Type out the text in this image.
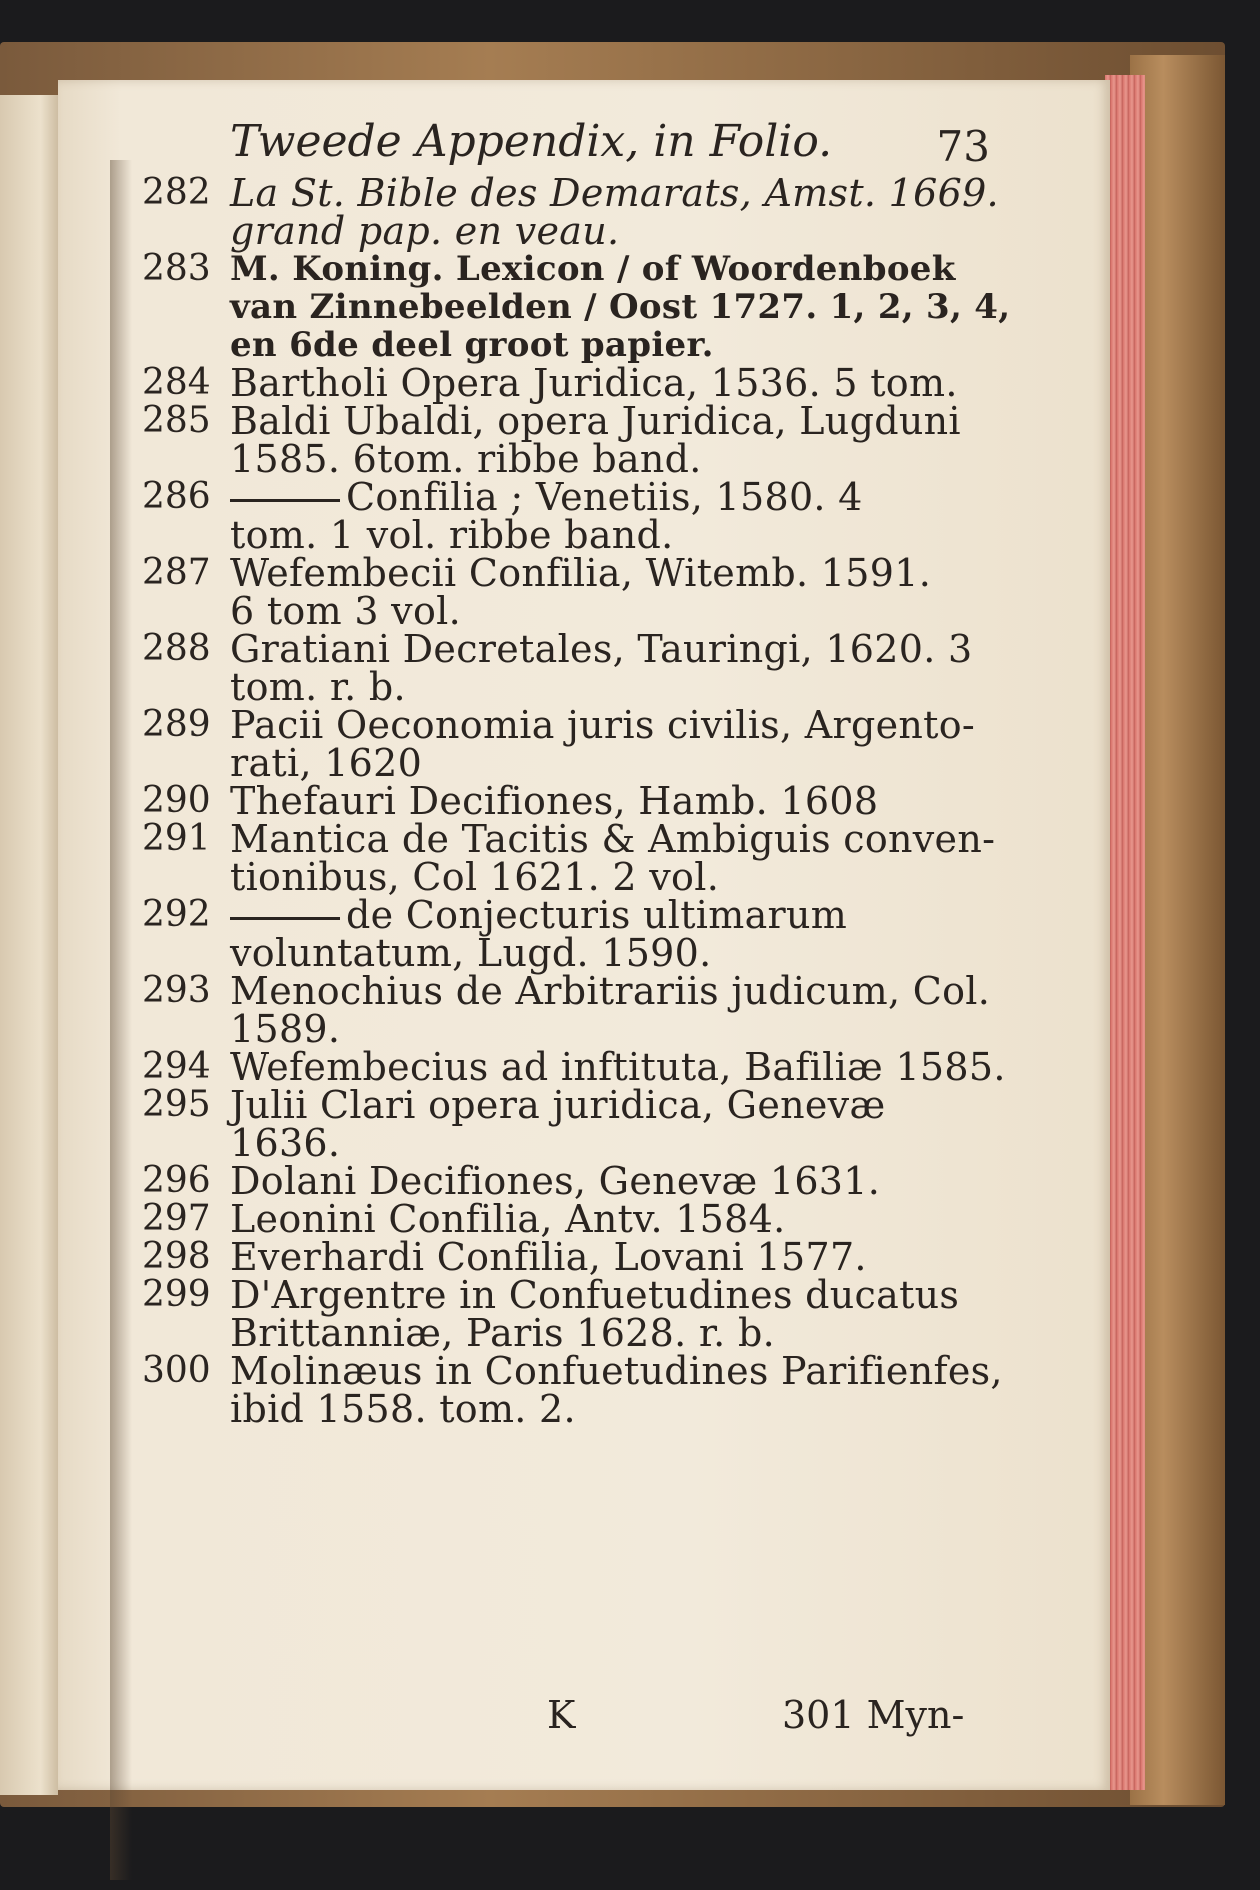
Tweede Appendix, in Folio. 73
282 La St. Bible des Demarats, Amst. 1669.
grand pap. en veau.
283 M. Koning. Lexicon / of Woordenboek
van Zinnebeelden / Oost 1727. 1, 2, 3, 4,
en 6de deel groot papier.
284 Bartholi Opera Juridica, 1536. 5 tom.
285 Baldi Ubaldi, opera Juridica, Lugduni
1585. 6tom. ribbe band.
286	Confilia ; Venetiis, 1580. 4
tom. 1 vol. ribbe band.
287 Wefembecii Confilia, Witemb. 1591.
6 tom 3 vol.
288 Gratiani Decretales, Tauringi, 1620. 3
tom. r. b.
289 Pacii Oeconomia juris civilis, Argento-
rati, 1620
290 Thefauri Decifiones, Hamb. 1608
291 Mantica de Tacitis & Ambiguis conven-
tionibus, Col 1621. 2 vol.
292	de Conjecturis ultimarum
voluntatum, Lugd. 1590.
293 Menochius de Arbitrariis judicum, Col.
1589.
294 Wefembecius ad inftituta, Bafiliæ 1585.
295 Julii Clari opera juridica, Genevæ
1636.
296 Dolani Decifiones, Genevæ 1631.
297 Leonini Confilia, Antv. 1584.
298 Everhardi Confilia, Lovani 1577.
299 D'Argentre in Confuetudines ducatus
Brittanniæ, Paris 1628. r. b.
300 Molinæus in Confuetudines Parifienfes,
ibid 1558. tom. 2.
K	301 Myn-
